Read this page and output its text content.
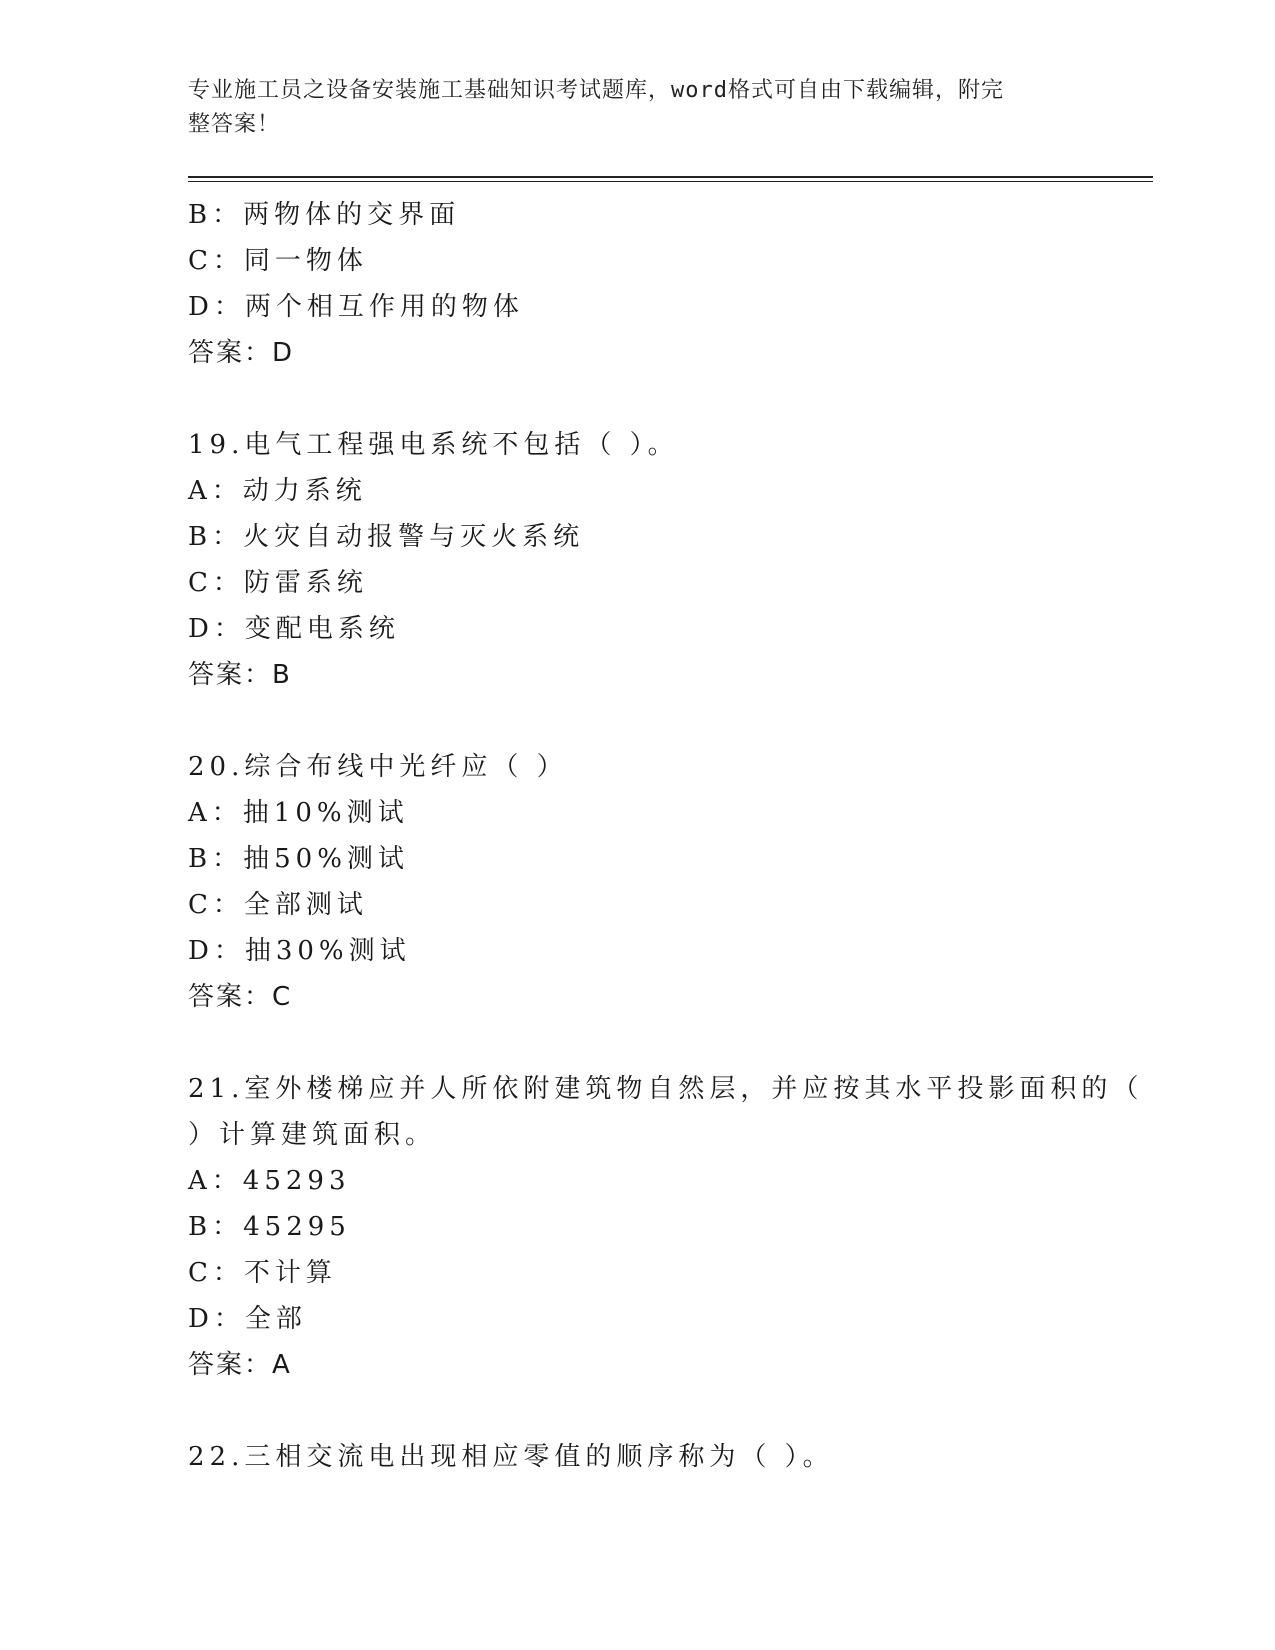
专业施工员之设备安装施工基础知识考试题库，word格式可自由下载编辑，附完
整答案！
B：两物体的交界面
C：同一物体
D：两个相互作用的物体
答案：D
19.电气工程强电系统不包括（ ）。
A：动力系统
B：火灾自动报警与灭火系统
C：防雷系统
D：变配电系统
答案：B
20.综合布线中光纤应（ ）
A：抽10%测试
B：抽50%测试
C：全部测试
D：抽30%测试
答案：C
21.室外楼梯应并人所依附建筑物自然层，并应按其水平投影面积的（
）计算建筑面积。
A：45293
B：45295
C：不计算
D：全部
答案：A
22.三相交流电出现相应零值的顺序称为（ ）。
